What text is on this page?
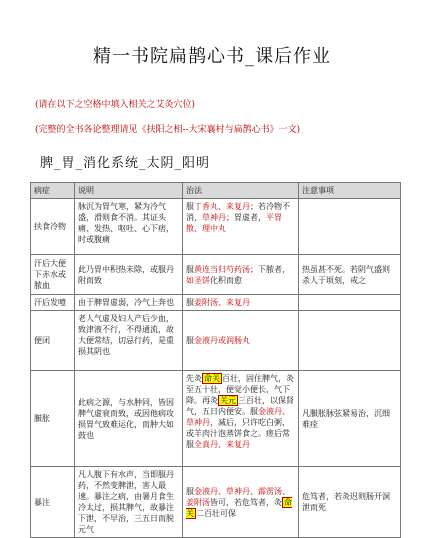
精一书院扁鹊心书_课后作业
(请在以下之空格中填入相关之艾灸穴位)
(完整的全书各论整理请见《扶阳之相--大宋襄村与扁鹊心书》一文)
脾_胃_消化系统_太阴_阳明
病症	说明	治法	注意事项
扶食冷物	脉沉为胃气寒，紧为冷气盛，滑则食不消。其证头痛、发热、呕吐、心下痞，时或腹痛	服丁香丸、来复丹；若冷物不消，草神丹；胃虚者，平胃散、理中丸	
汗后大便下赤水或脓血	此乃胃中积热未除，或服丹附而致	服黄连当归芍药汤；下脓者，如圣饼化积而愈	热虽甚不死。若阴气盛则杀人于顷刻，戒之
汗后发噎	由于脾胃虚弱，冷气上奔也	服姜附汤、来复丹	
便闭	老人气虚及妇人产后少血，致津液不行，不得通流，故大便常结，切忌行药，是重损其阴也	服金液丹或润肠丸	
臌胀	此病之源，与水肿同，皆因脾气虚衰而致，或因他病攻损胃气致难运化，而肿大如鼓也	先灸 命关 百壮，固住脾气，灸至五十壮，便觉小便长，气下降。再灸 关元 三百壮，以保肾气，五日内便安。服金液丹、草神丹，减后，只许吃白粥，或羊肉汁泡蒸饼食之。瘥后常服全真丹、来复丹	凡臌胀脉弦紧易治，沉细难痊
暴注	凡人腹下有水声，当即服丹药，不然变脾泄，害人最速。暴注之病，由暑月食生冷太过，损其脾气，故暴注下泄，不早治，三五日而脱元气	服金液丹、草神丹、霹雳汤、姜附汤皆可，若危笃者，灸 命关 二百壮可保	危笃者，若灸迟则肠开洞泄而死
